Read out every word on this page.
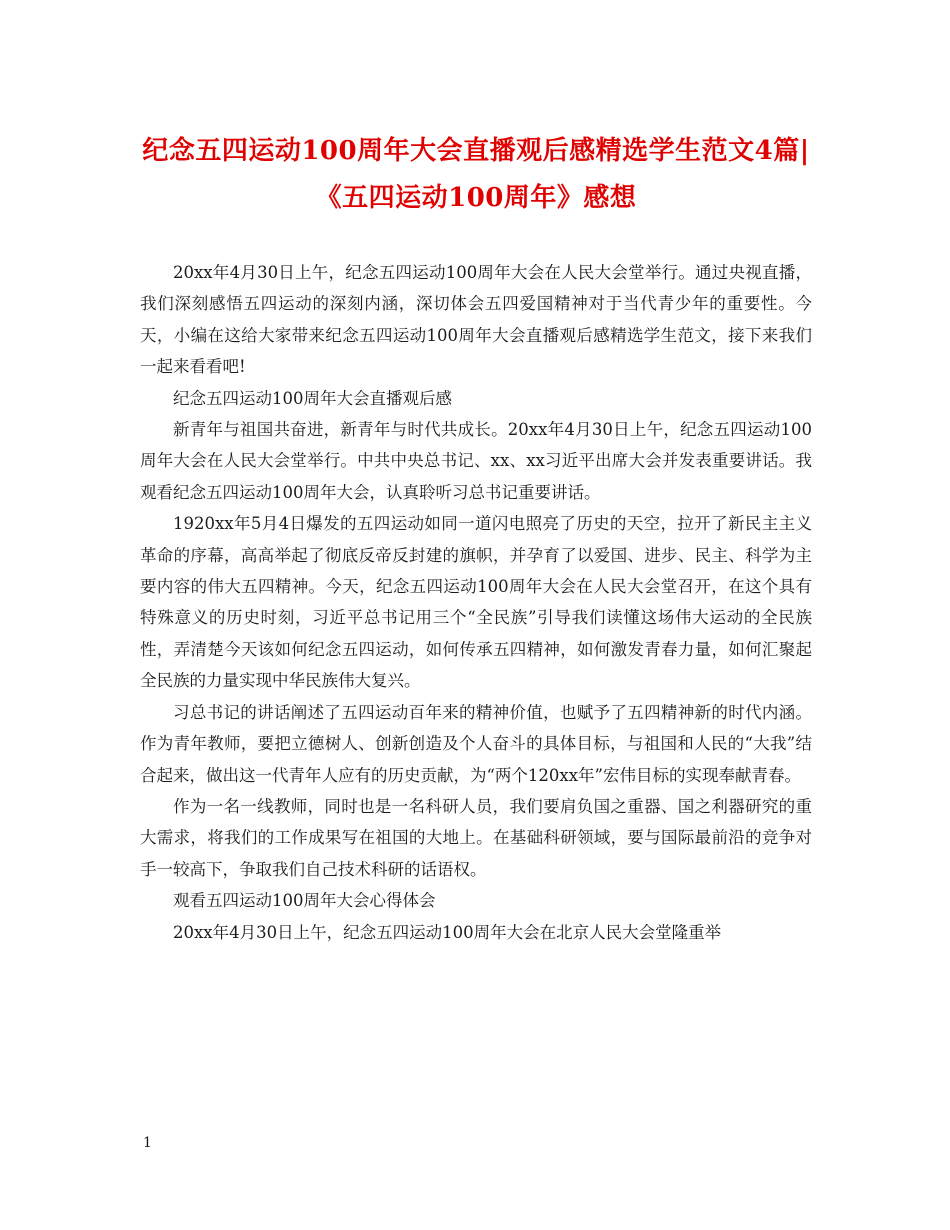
纪念五四运动100周年大会直播观后感精选学生范文4篇|《五四运动100周年》感想

20xx年4月30日上午，纪念五四运动100周年大会在人民大会堂举行。通过央视直播，我们深刻感悟五四运动的深刻内涵，深切体会五四爱国精神对于当代青少年的重要性。今天，小编在这给大家带来纪念五四运动100周年大会直播观后感精选学生范文，接下来我们一起来看看吧!

纪念五四运动100周年大会直播观后感

新青年与祖国共奋进，新青年与时代共成长。20xx年4月30日上午，纪念五四运动100周年大会在人民大会堂举行。中共中央总书记、xx、xx习近平出席大会并发表重要讲话。我观看纪念五四运动100周年大会，认真聆听习总书记重要讲话。

1920xx年5月4日爆发的五四运动如同一道闪电照亮了历史的天空，拉开了新民主主义革命的序幕，高高举起了彻底反帝反封建的旗帜，并孕育了以爱国、进步、民主、科学为主要内容的伟大五四精神。今天，纪念五四运动100周年大会在人民大会堂召开，在这个具有特殊意义的历史时刻，习近平总书记用三个“全民族”引导我们读懂这场伟大运动的全民族性，弄清楚今天该如何纪念五四运动，如何传承五四精神，如何激发青春力量，如何汇聚起全民族的力量实现中华民族伟大复兴。

习总书记的讲话阐述了五四运动百年来的精神价值，也赋予了五四精神新的时代内涵。作为青年教师，要把立德树人、创新创造及个人奋斗的具体目标，与祖国和人民的“大我”结合起来，做出这一代青年人应有的历史贡献，为“两个120xx年”宏伟目标的实现奉献青春。

作为一名一线教师，同时也是一名科研人员，我们要肩负国之重器、国之利器研究的重大需求，将我们的工作成果写在祖国的大地上。在基础科研领域，要与国际最前沿的竞争对手一较高下，争取我们自己技术科研的话语权。

观看五四运动100周年大会心得体会

20xx年4月30日上午，纪念五四运动100周年大会在北京人民大会堂隆重举

1
